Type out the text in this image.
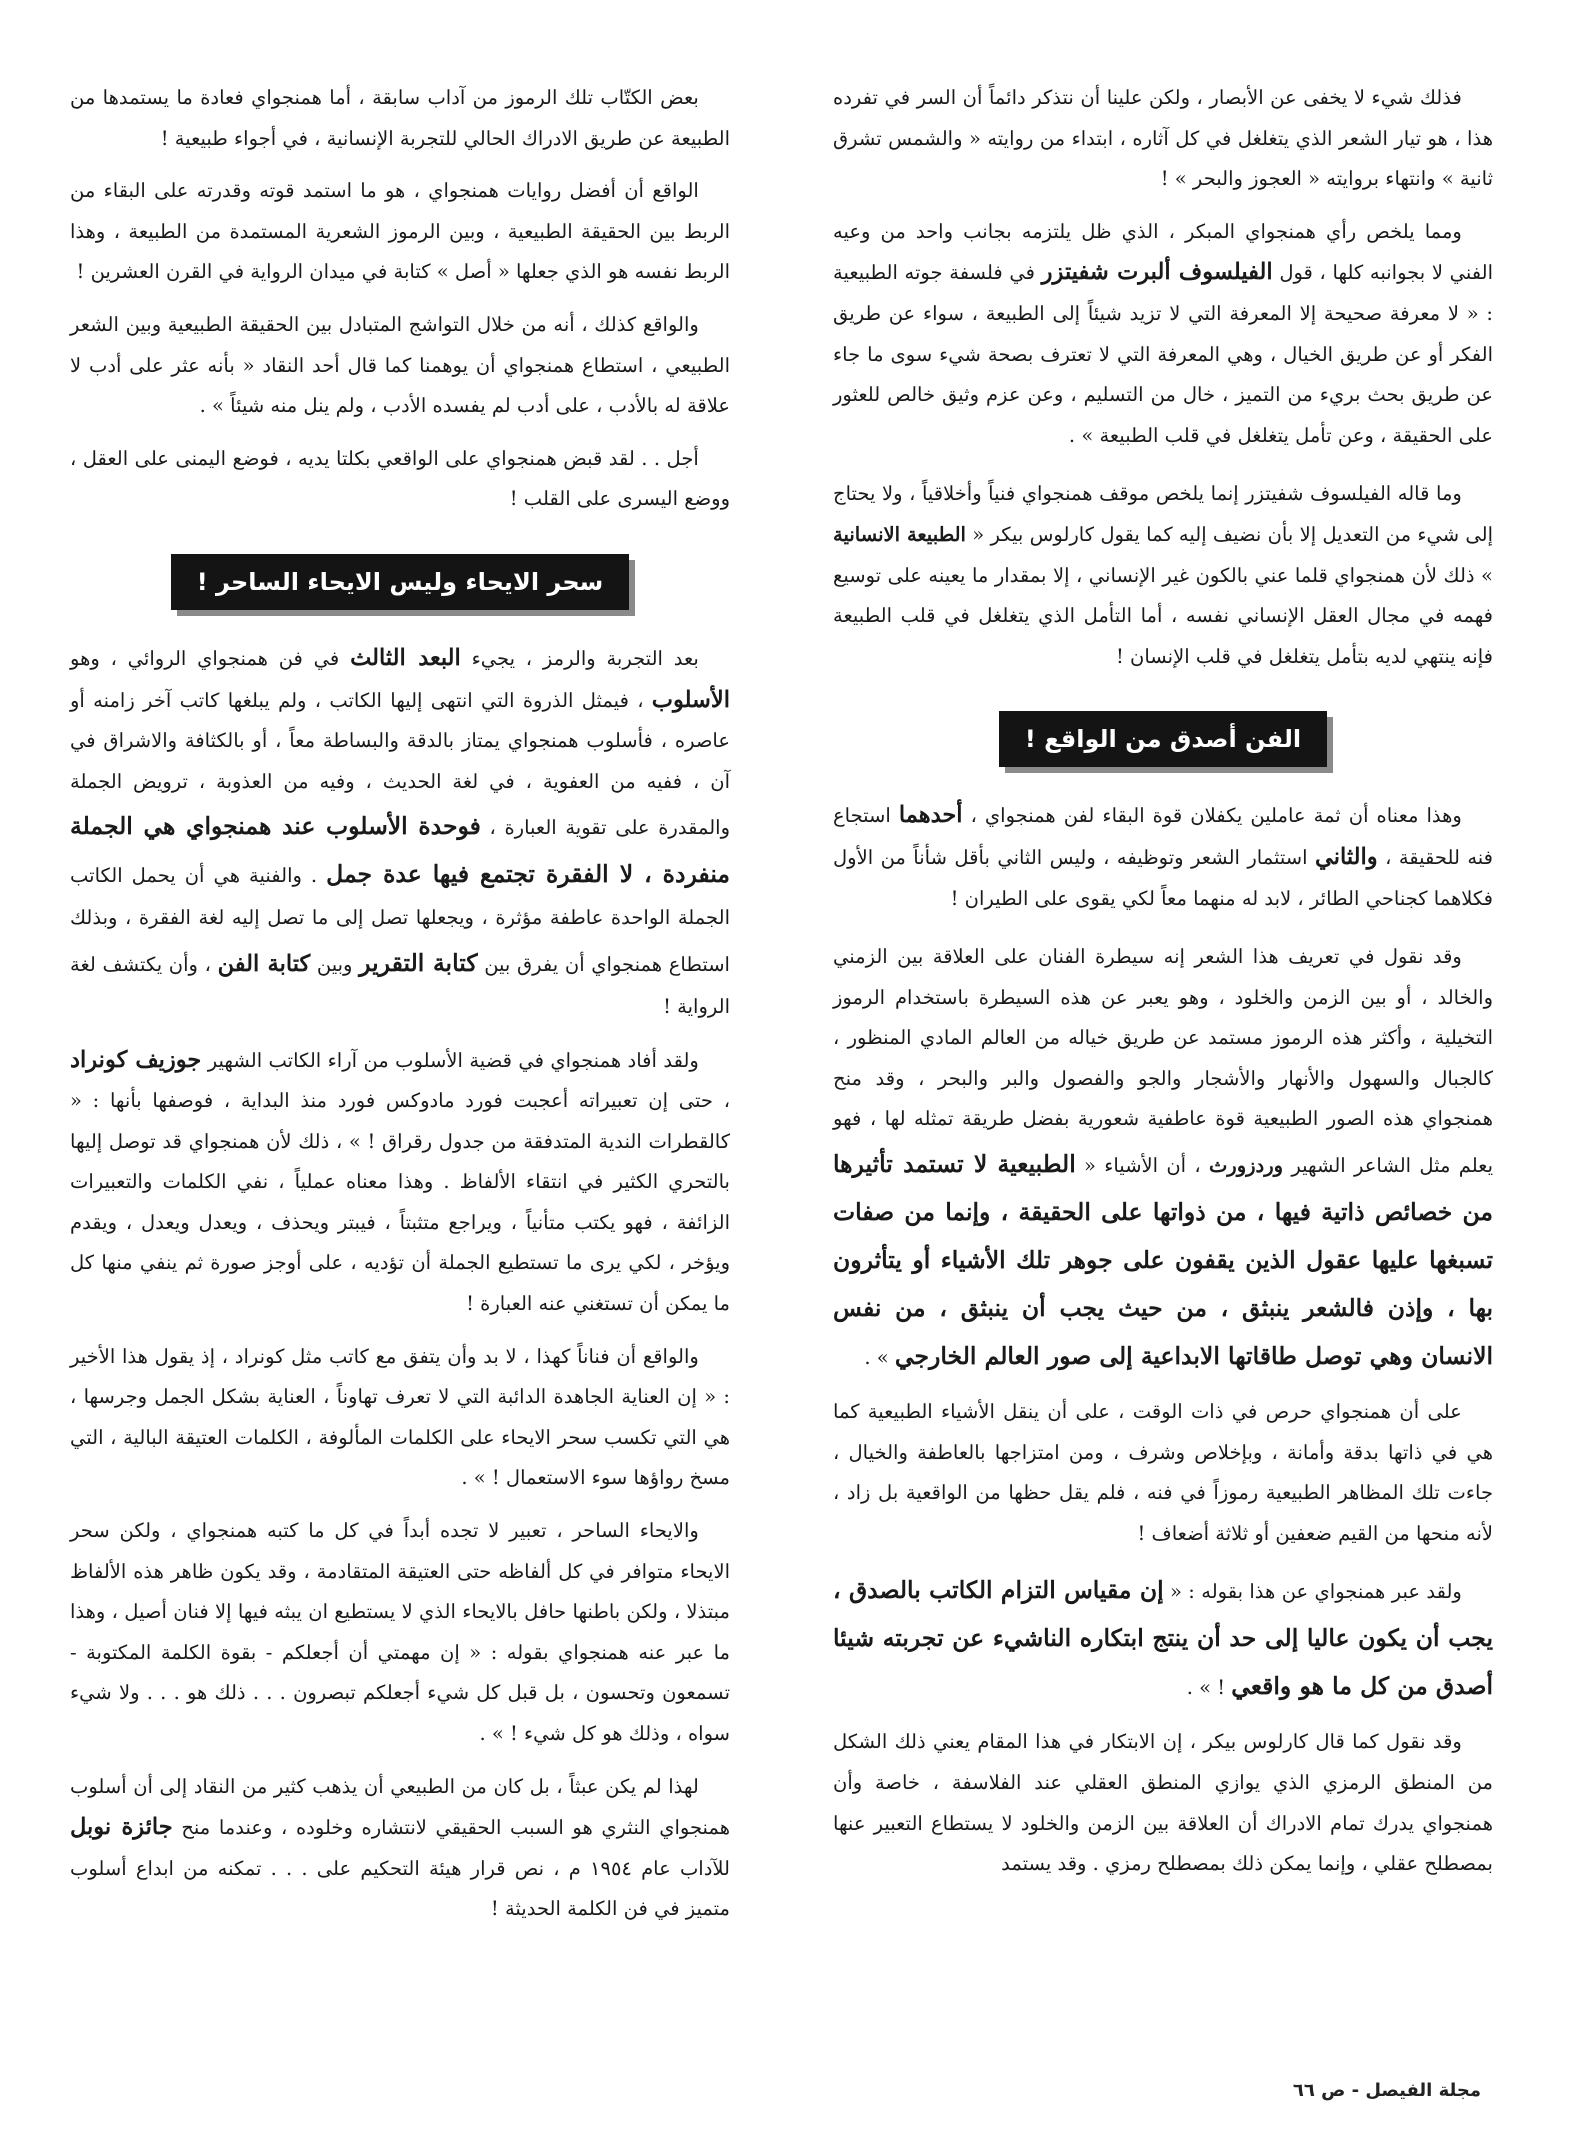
فذلك شيء لا يخفى عن الأبصار ، ولكن علينا أن نتذكر دائماً أن السر في تفرده هذا ، هو تيار الشعر الذي يتغلغل في كل آثاره ، ابتداء من روايته « والشمس تشرق ثانية » وانتهاء بروايته « العجوز والبحر » !

ومما يلخص رأي همنجواي المبكر ، الذي ظل يلتزمه بجانب واحد من وعيه الفني لا بجوانبه كلها ، قول الفيلسوف ألبرت شفيتزر في فلسفة جوته الطبيعية : « لا معرفة صحيحة إلا المعرفة التي لا تزيد شيئاً إلى الطبيعة ، سواء عن طريق الفكر أو عن طريق الخيال ، وهي المعرفة التي لا تعترف بصحة شيء سوى ما جاء عن طريق بحث بريء من التميز ، خال من التسليم ، وعن عزم وثيق خالص للعثور على الحقيقة ، وعن تأمل يتغلغل في قلب الطبيعة » .

وما قاله الفيلسوف شفيتزر إنما يلخص موقف همنجواي فنياً وأخلاقياً ، ولا يحتاج إلى شيء من التعديل إلا بأن نضيف إليه كما يقول كارلوس بيكر « الطبيعة الانسانية » ذلك لأن همنجواي قلما عني بالكون غير الإنساني ، إلا بمقدار ما يعينه على توسيع فهمه في مجال العقل الإنساني نفسه ، أما التأمل الذي يتغلغل في قلب الطبيعة فإنه ينتهي لديه بتأمل يتغلغل في قلب الإنسان !

الفن أصدق من الواقع !

وهذا معناه أن ثمة عاملين يكفلان قوة البقاء لفن همنجواي ، أحدهما استجاع فنه للحقيقة ، والثاني استثمار الشعر وتوظيفه ، وليس الثاني بأقل شأناً من الأول فكلاهما كجناحي الطائر ، لابد له منهما معاً لكي يقوى على الطيران !

وقد نقول في تعريف هذا الشعر إنه سيطرة الفنان على العلاقة بين الزمني والخالد ، أو بين الزمن والخلود ، وهو يعبر عن هذه السيطرة باستخدام الرموز التخيلية ، وأكثر هذه الرموز مستمد عن طريق خياله من العالم المادي المنظور ، كالجبال والسهول والأنهار والأشجار والجو والفصول والبر والبحر ، وقد منح همنجواي هذه الصور الطبيعية قوة عاطفية شعورية بفضل طريقة تمثله لها ، فهو يعلم مثل الشاعر الشهير وردزورث ، أن الأشياء « الطبيعية لا تستمد تأثيرها من خصائص ذاتية فيها ، من ذواتها على الحقيقة ، وإنما من صفات تسبغها عليها عقول الذين يقفون على جوهر تلك الأشياء أو يتأثرون بها ، وإذن فالشعر ينبثق ، من حيث يجب أن ينبثق ، من نفس الانسان وهي توصل طاقاتها الابداعية إلى صور العالم الخارجي » .

على أن همنجواي حرص في ذات الوقت ، على أن ينقل الأشياء الطبيعية كما هي في ذاتها بدقة وأمانة ، وبإخلاص وشرف ، ومن امتزاجها بالعاطفة والخيال ، جاءت تلك المظاهر الطبيعية رموزاً في فنه ، فلم يقل حظها من الواقعية بل زاد ، لأنه منحها من القيم ضعفين أو ثلاثة أضعاف !

ولقد عبر همنجواي عن هذا بقوله : « إن مقياس التزام الكاتب بالصدق ، يجب أن يكون عاليا إلى حد أن ينتج ابتكاره الناشيء عن تجربته شيئا أصدق من كل ما هو واقعي ! » .

وقد نقول كما قال كارلوس بيكر ، إن الابتكار في هذا المقام يعني ذلك الشكل من المنطق الرمزي الذي يوازي المنطق العقلي عند الفلاسفة ، خاصة وأن همنجواي يدرك تمام الادراك أن العلاقة بين الزمن والخلود لا يستطاع التعبير عنها بمصطلح عقلي ، وإنما يمكن ذلك بمصطلح رمزي . وقد يستمد

بعض الكتّاب تلك الرموز من آداب سابقة ، أما همنجواي فعادة ما يستمدها من الطبيعة عن طريق الادراك الحالي للتجربة الإنسانية ، في أجواء طبيعية !

الواقع أن أفضل روايات همنجواي ، هو ما استمد قوته وقدرته على البقاء من الربط بين الحقيقة الطبيعية ، وبين الرموز الشعرية المستمدة من الطبيعة ، وهذا الربط نفسه هو الذي جعلها « أصل » كتابة في ميدان الرواية في القرن العشرين !

والواقع كذلك ، أنه من خلال التواشج المتبادل بين الحقيقة الطبيعية وبين الشعر الطبيعي ، استطاع همنجواي أن يوهمنا كما قال أحد النقاد « بأنه عثر على أدب لا علاقة له بالأدب ، على أدب لم يفسده الأدب ، ولم ينل منه شيئاً » .

أجل . . لقد قبض همنجواي على الواقعي بكلتا يديه ، فوضع اليمنى على العقل ، ووضع اليسرى على القلب !

سحر الايحاء وليس الايحاء الساحر !

بعد التجربة والرمز ، يجيء البعد الثالث في فن همنجواي الروائي ، وهو الأسلوب ، فيمثل الذروة التي انتهى إليها الكاتب ، ولم يبلغها كاتب آخر زامنه أو عاصره ، فأسلوب همنجواي يمتاز بالدقة والبساطة معاً ، أو بالكثافة والاشراق في آن ، ففيه من العفوية ، في لغة الحديث ، وفيه من العذوبة ، ترويض الجملة والمقدرة على تقوية العبارة ، فوحدة الأسلوب عند همنجواي هي الجملة منفردة ، لا الفقرة تجتمع فيها عدة جمل . والفنية هي أن يحمل الكاتب الجملة الواحدة عاطفة مؤثرة ، ويجعلها تصل إلى ما تصل إليه لغة الفقرة ، وبذلك استطاع همنجواي أن يفرق بين كتابة التقرير وبين كتابة الفن ، وأن يكتشف لغة الرواية !

ولقد أفاد همنجواي في قضية الأسلوب من آراء الكاتب الشهير جوزيف كونراد ، حتى إن تعبيراته أعجبت فورد مادوكس فورد منذ البداية ، فوصفها بأنها : « كالقطرات الندية المتدفقة من جدول رقراق ! » ، ذلك لأن همنجواي قد توصل إليها بالتحري الكثير في انتقاء الألفاظ . وهذا معناه عملياً ، نفي الكلمات والتعبيرات الزائفة ، فهو يكتب متأنياً ، ويراجع متثبتاً ، فيبتر ويحذف ، ويعدل ويعدل ، ويقدم ويؤخر ، لكي يرى ما تستطيع الجملة أن تؤديه ، على أوجز صورة ثم ينفي منها كل ما يمكن أن تستغني عنه العبارة !

والواقع أن فناناً كهذا ، لا بد وأن يتفق مع كاتب مثل كونراد ، إذ يقول هذا الأخير : « إن العناية الجاهدة الدائبة التي لا تعرف تهاوناً ، العناية بشكل الجمل وجرسها ، هي التي تكسب سحر الايحاء على الكلمات المألوفة ، الكلمات العتيقة البالية ، التي مسخ رواؤها سوء الاستعمال ! » .

والايحاء الساحر ، تعبير لا تجده أبداً في كل ما كتبه همنجواي ، ولكن سحر الايحاء متوافر في كل ألفاظه حتى العتيقة المتقادمة ، وقد يكون ظاهر هذه الألفاظ مبتذلا ، ولكن باطنها حافل بالايحاء الذي لا يستطيع ان يبثه فيها إلا فنان أصيل ، وهذا ما عبر عنه همنجواي بقوله : « إن مهمتي أن أجعلكم - بقوة الكلمة المكتوبة - تسمعون وتحسون ، بل قبل كل شيء أجعلكم تبصرون . . . ذلك هو . . . ولا شيء سواه ، وذلك هو كل شيء ! » .

لهذا لم يكن عبثاً ، بل كان من الطبيعي أن يذهب كثير من النقاد إلى أن أسلوب همنجواي النثري هو السبب الحقيقي لانتشاره وخلوده ، وعندما منح جائزة نوبل للآداب عام ١٩٥٤ م ، نص قرار هيئة التحكيم على . . . تمكنه من ابداع أسلوب متميز في فن الكلمة الحديثة !

مجلة الفيصل - ص ٦٦
